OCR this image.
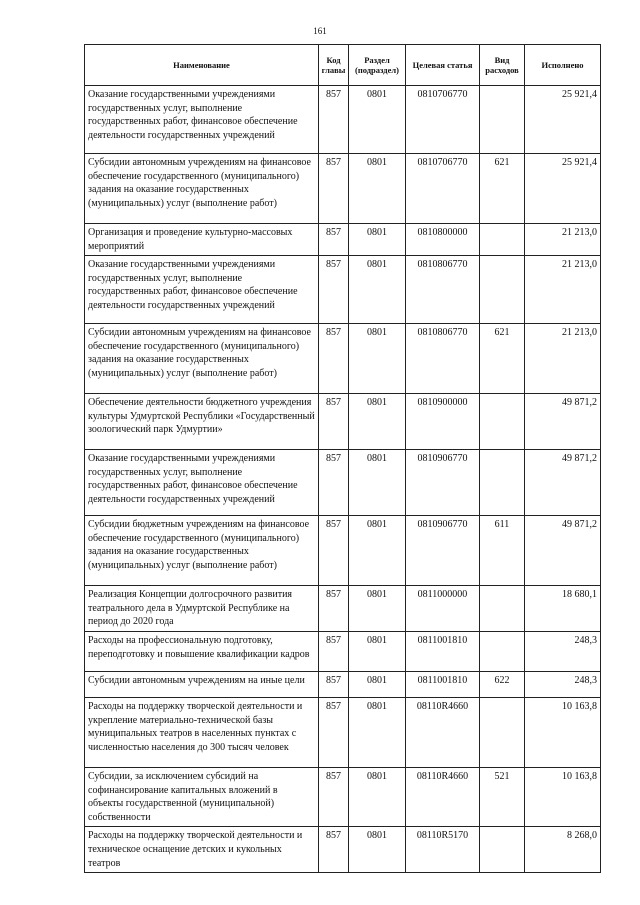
161
Наименование	Код главы	Раздел (подраздел)	Целевая статья	Вид расходов	Исполнено
Оказание государственными учреждениями государственных услуг, выполнение государственных работ, финансовое обеспечение деятельности государственных учреждений	857	0801	0810706770		25 921,4
Субсидии автономным учреждениям на финансовое обеспечение государственного (муниципального) задания на оказание государственных (муниципальных) услуг (выполнение работ)	857	0801	0810706770	621	25 921,4
Организация и проведение культурно-массовых мероприятий	857	0801	0810800000		21 213,0
Оказание государственными учреждениями государственных услуг, выполнение государственных работ, финансовое обеспечение деятельности государственных учреждений	857	0801	0810806770		21 213,0
Субсидии автономным учреждениям на финансовое обеспечение государственного (муниципального) задания на оказание государственных (муниципальных) услуг (выполнение работ)	857	0801	0810806770	621	21 213,0
Обеспечение деятельности бюджетного учреждения культуры Удмуртской Республики «Государственный зоологический парк Удмуртии»	857	0801	0810900000		49 871,2
Оказание государственными учреждениями государственных услуг, выполнение государственных работ, финансовое обеспечение деятельности государственных учреждений	857	0801	0810906770		49 871,2
Субсидии бюджетным учреждениям на финансовое обеспечение государственного (муниципального) задания на оказание государственных (муниципальных) услуг (выполнение работ)	857	0801	0810906770	611	49 871,2
Реализация Концепции долгосрочного развития театрального дела в Удмуртской Республике на период до 2020 года	857	0801	0811000000		18 680,1
Расходы на профессиональную подготовку, переподготовку и повышение квалификации кадров	857	0801	0811001810		248,3
Субсидии автономным учреждениям на иные цели	857	0801	0811001810	622	248,3
Расходы на поддержку творческой деятельности и укрепление материально-технической базы муниципальных театров в населенных пунктах с численностью населения до 300 тысяч человек	857	0801	08110R4660		10 163,8
Субсидии, за исключением субсидий на софинансирование капитальных вложений в объекты государственной (муниципальной) собственности	857	0801	08110R4660	521	10 163,8
Расходы на поддержку творческой деятельности и техническое оснащение детских и кукольных театров	857	0801	08110R5170		8 268,0
